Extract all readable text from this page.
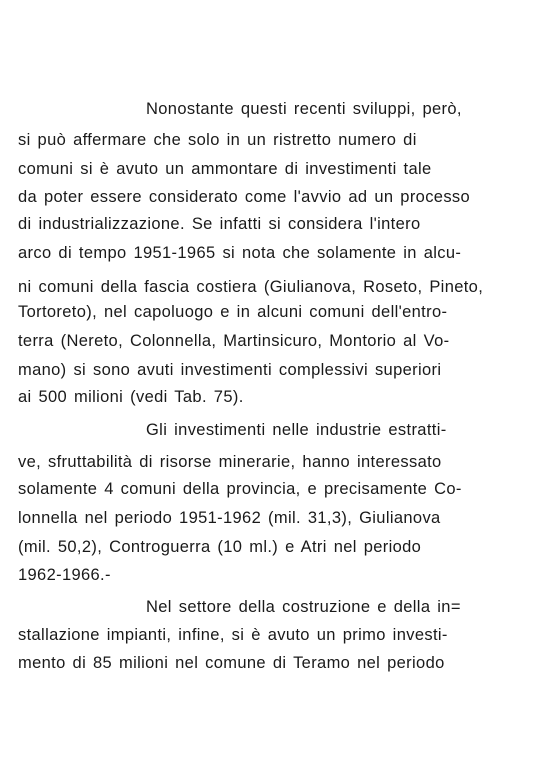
Nonostante questi recenti sviluppi, però,
si può affermare che solo in un ristretto numero di
comuni si è avuto un ammontare di investimenti tale
da poter essere considerato come l'avvio ad un processo
di industrializzazione. Se infatti si considera l'intero
arco di tempo 1951-1965 si nota che solamente in alcu-
ni comuni della fascia costiera (Giulianova, Roseto, Pineto,
Tortoreto), nel capoluogo e in alcuni comuni dell'entro-
terra (Nereto, Colonnella, Martinsicuro, Montorio al Vo-
mano) si sono avuti investimenti complessivi superiori
ai 500 milioni (vedi Tab. 75).
Gli investimenti nelle industrie estratti-
ve, sfruttabilità di risorse minerarie, hanno interessato
solamente 4 comuni della provincia, e precisamente Co-
lonnella nel periodo 1951-1962 (mil. 31,3), Giulianova
(mil. 50,2), Controguerra (10 ml.) e Atri nel periodo
1962-1966.-
Nel settore della costruzione e della in=
stallazione impianti, infine, si è avuto un primo investi-
mento di 85 milioni nel comune di Teramo nel periodo
